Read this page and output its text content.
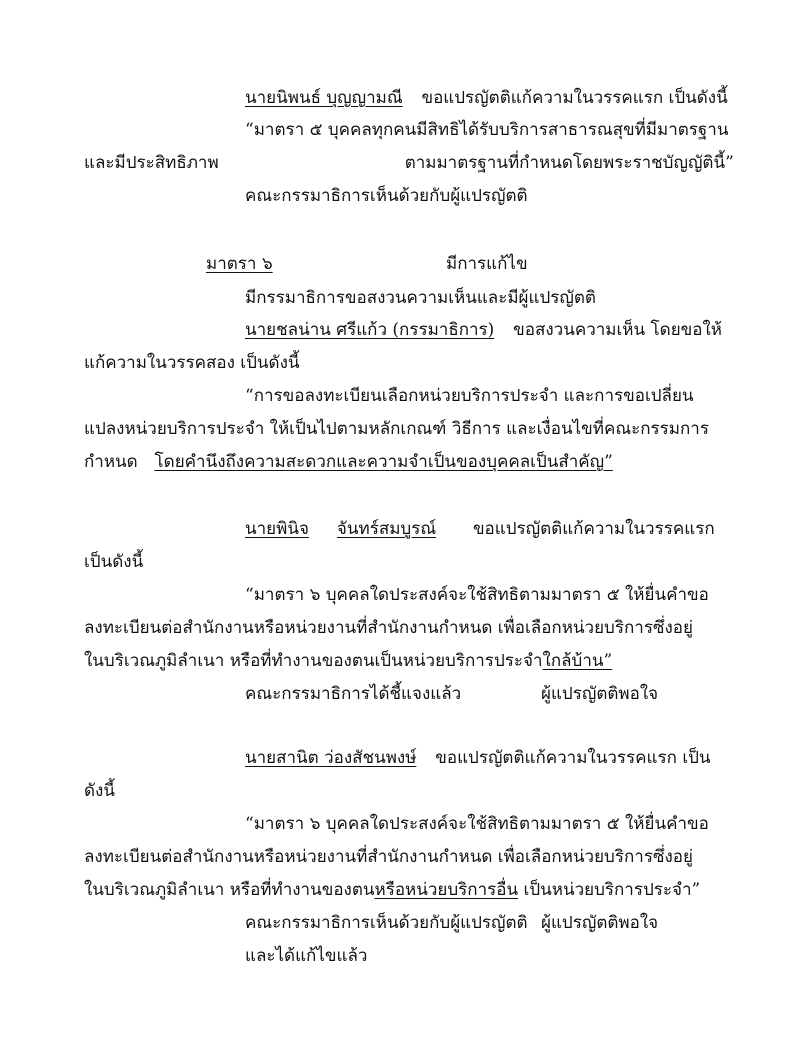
นายนิพนธ์ บุญญามณี ขอแปรญัตติแก้ความในวรรคแรก เป็นดังนี้
“มาตรา ๕ บุคคลทุกคนมีสิทธิได้รับบริการสาธารณสุขที่มีมาตรฐาน
และมีประสิทธิภาพ	ตามมาตรฐานที่กำหนดโดยพระราชบัญญัตินี้”
คณะกรรมาธิการเห็นด้วยกับผู้แปรญัตติ
มาตรา ๖	มีการแก้ไข
มีกรรมาธิการขอสงวนความเห็นและมีผู้แปรญัตติ
นายชลน่าน ศรีแก้ว (กรรมาธิการ) ขอสงวนความเห็น โดยขอให้
แก้ความในวรรคสอง เป็นดังนี้
“การขอลงทะเบียนเลือกหน่วยบริการประจำ และการขอเปลี่ยน
แปลงหน่วยบริการประจำ ให้เป็นไปตามหลักเกณฑ์ วิธีการ และเงื่อนไขที่คณะกรรมการ
กำหนด โดยคำนึงถึงความสะดวกและความจำเป็นของบุคคลเป็นสำคัญ”
นายพินิจ จันทร์สมบูรณ์ ขอแปรญัตติแก้ความในวรรคแรก
เป็นดังนี้
“มาตรา ๖ บุคคลใดประสงค์จะใช้สิทธิตามมาตรา ๕ ให้ยื่นคำขอ
ลงทะเบียนต่อสำนักงานหรือหน่วยงานที่สำนักงานกำหนด เพื่อเลือกหน่วยบริการซึ่งอยู่
ในบริเวณภูมิลำเนา หรือที่ทำงานของตนเป็นหน่วยบริการประจำใกล้บ้าน”
คณะกรรมาธิการได้ชี้แจงแล้ว	ผู้แปรญัตติพอใจ
นายสานิต ว่องสัชนพงษ์ ขอแปรญัตติแก้ความในวรรคแรก เป็น
ดังนี้
“มาตรา ๖ บุคคลใดประสงค์จะใช้สิทธิตามมาตรา ๕ ให้ยื่นคำขอ
ลงทะเบียนต่อสำนักงานหรือหน่วยงานที่สำนักงานกำหนด เพื่อเลือกหน่วยบริการซึ่งอยู่
ในบริเวณภูมิลำเนา หรือที่ทำงานของตนหรือหน่วยบริการอื่น เป็นหน่วยบริการประจำ”
คณะกรรมาธิการเห็นด้วยกับผู้แปรญัตติ ผู้แปรญัตติพอใจ
และได้แก้ไขแล้ว
